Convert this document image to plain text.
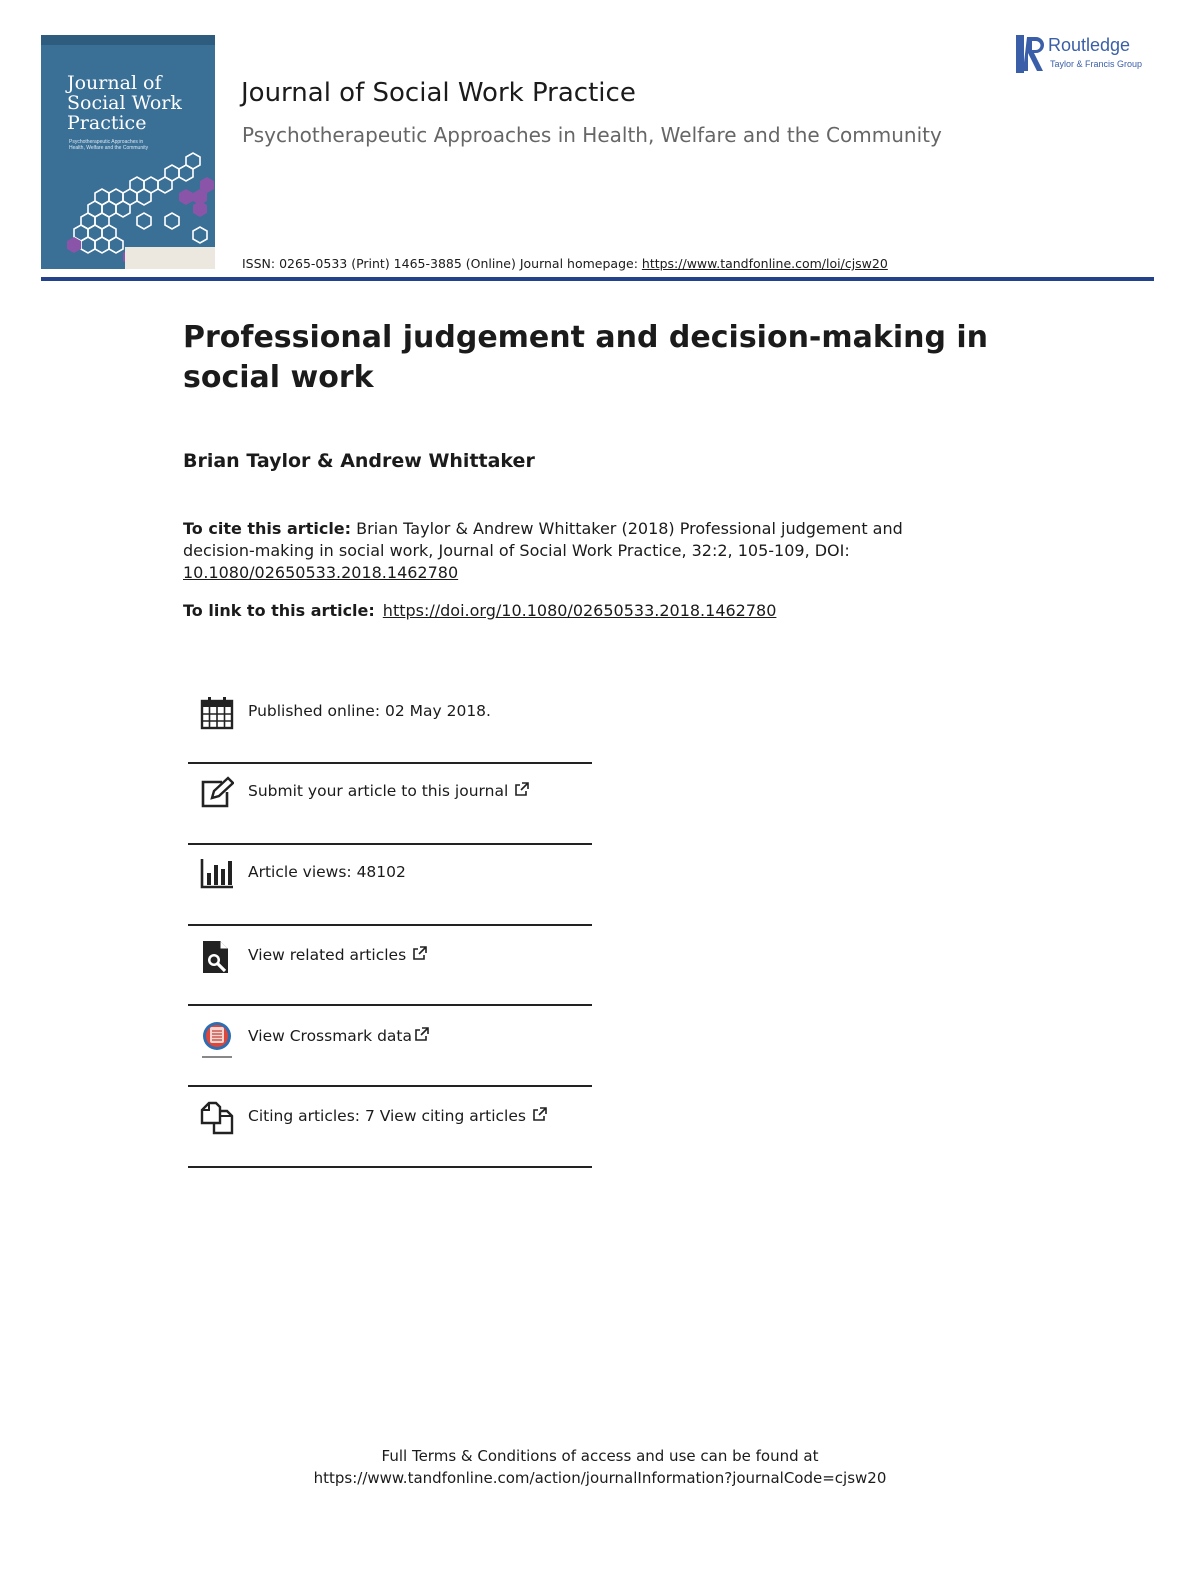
Journal of Social Work Practice
Psychotherapeutic Approaches in Health, Welfare and the Community
Journal of Social Work Practice
Psychotherapeutic Approaches in Health, Welfare and the Community
ISSN: 0265-0533 (Print) 1465-3885 (Online) Journal homepage: https://www.tandfonline.com/loi/cjsw20
Routledge
Taylor & Francis Group
Professional judgement and decision-making in social work
Brian Taylor & Andrew Whittaker
To cite this article: Brian Taylor & Andrew Whittaker (2018) Professional judgement and decision-making in social work, Journal of Social Work Practice, 32:2, 105-109, DOI: 10.1080/02650533.2018.1462780
To link to this article: https://doi.org/10.1080/02650533.2018.1462780
Published online: 02 May 2018.
Submit your article to this journal
Article views: 48102
View related articles
View Crossmark data
Citing articles: 7 View citing articles
Full Terms & Conditions of access and use can be found at
https://www.tandfonline.com/action/journalInformation?journalCode=cjsw20
